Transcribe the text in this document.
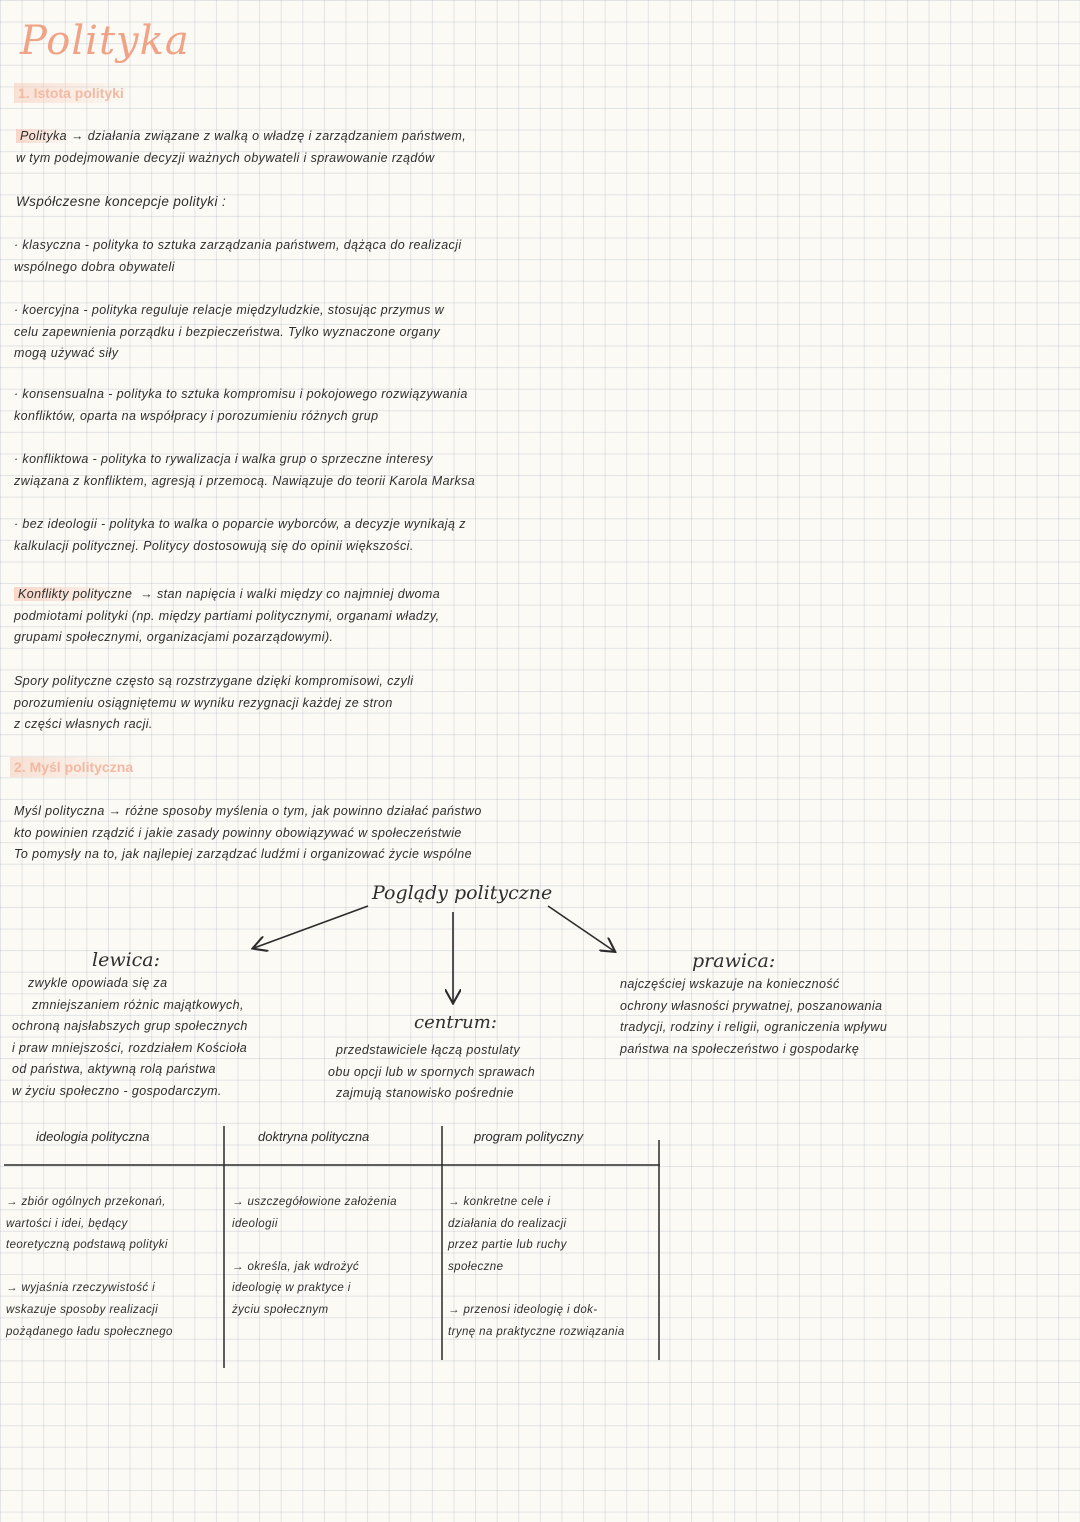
Polityka
1. Istota polityki
Polityka → działania związane z walką o władzę i zarządzaniem państwem,
w tym podejmowanie decyzji ważnych obywateli i sprawowanie rządów
Współczesne koncepcje polityki :
· klasyczna - polityka to sztuka zarządzania państwem, dążąca do realizacji
wspólnego dobra obywateli
· koercyjna - polityka reguluje relacje międzyludzkie, stosując przymus w
celu zapewnienia porządku i bezpieczeństwa. Tylko wyznaczone organy
mogą używać siły
· konsensualna - polityka to sztuka kompromisu i pokojowego rozwiązywania
konfliktów, oparta na współpracy i porozumieniu różnych grup
· konfliktowa - polityka to rywalizacja i walka grup o sprzeczne interesy
związana z konfliktem, agresją i przemocą. Nawiązuje do teorii Karola Marksa
· bez ideologii - polityka to walka o poparcie wyborców, a decyzje wynikają z
kalkulacji politycznej. Politycy dostosowują się do opinii większości.
Konflikty polityczne → stan napięcia i walki między co najmniej dwoma
podmiotami polityki (np. między partiami politycznymi, organami władzy,
grupami społecznymi, organizacjami pozarządowymi).
Spory polityczne często są rozstrzygane dzięki kompromisowi, czyli
porozumieniu osiągniętemu w wyniku rezygnacji każdej ze stron
z części własnych racji.
2. Myśl polityczna
Myśl polityczna → różne sposoby myślenia o tym, jak powinno działać państwo
kto powinien rządzić i jakie zasady powinny obowiązywać w społeczeństwie
To pomysły na to, jak najlepiej zarządzać ludźmi i organizować życie wspólne
Poglądy polityczne
lewica:
zwykle opowiada się za
zmniejszaniem różnic majątkowych,
ochroną najsłabszych grup społecznych
i praw mniejszości, rozdziałem Kościoła
od państwa, aktywną rolą państwa
w życiu społeczno - gospodarczym.
centrum:
przedstawiciele łączą postulaty
obu opcji lub w spornych sprawach
zajmują stanowisko pośrednie
prawica:
najczęściej wskazuje na konieczność
ochrony własności prywatnej, poszanowania
tradycji, rodziny i religii, ograniczenia wpływu
państwa na społeczeństwo i gospodarkę
ideologia polityczna	doktryna polityczna	program polityczny
→ zbiór ogólnych przekonań,
wartości i idei, będący
teoretyczną podstawą polityki
→ wyjaśnia rzeczywistość i
wskazuje sposoby realizacji
pożądanego ładu społecznego
→ uszczegółowione założenia
ideologii
→ określa, jak wdrożyć
ideologię w praktyce i
życiu społecznym
→ konkretne cele i
działania do realizacji
przez partie lub ruchy
społeczne
→ przenosi ideologię i dok-
trynę na praktyczne rozwiązania
